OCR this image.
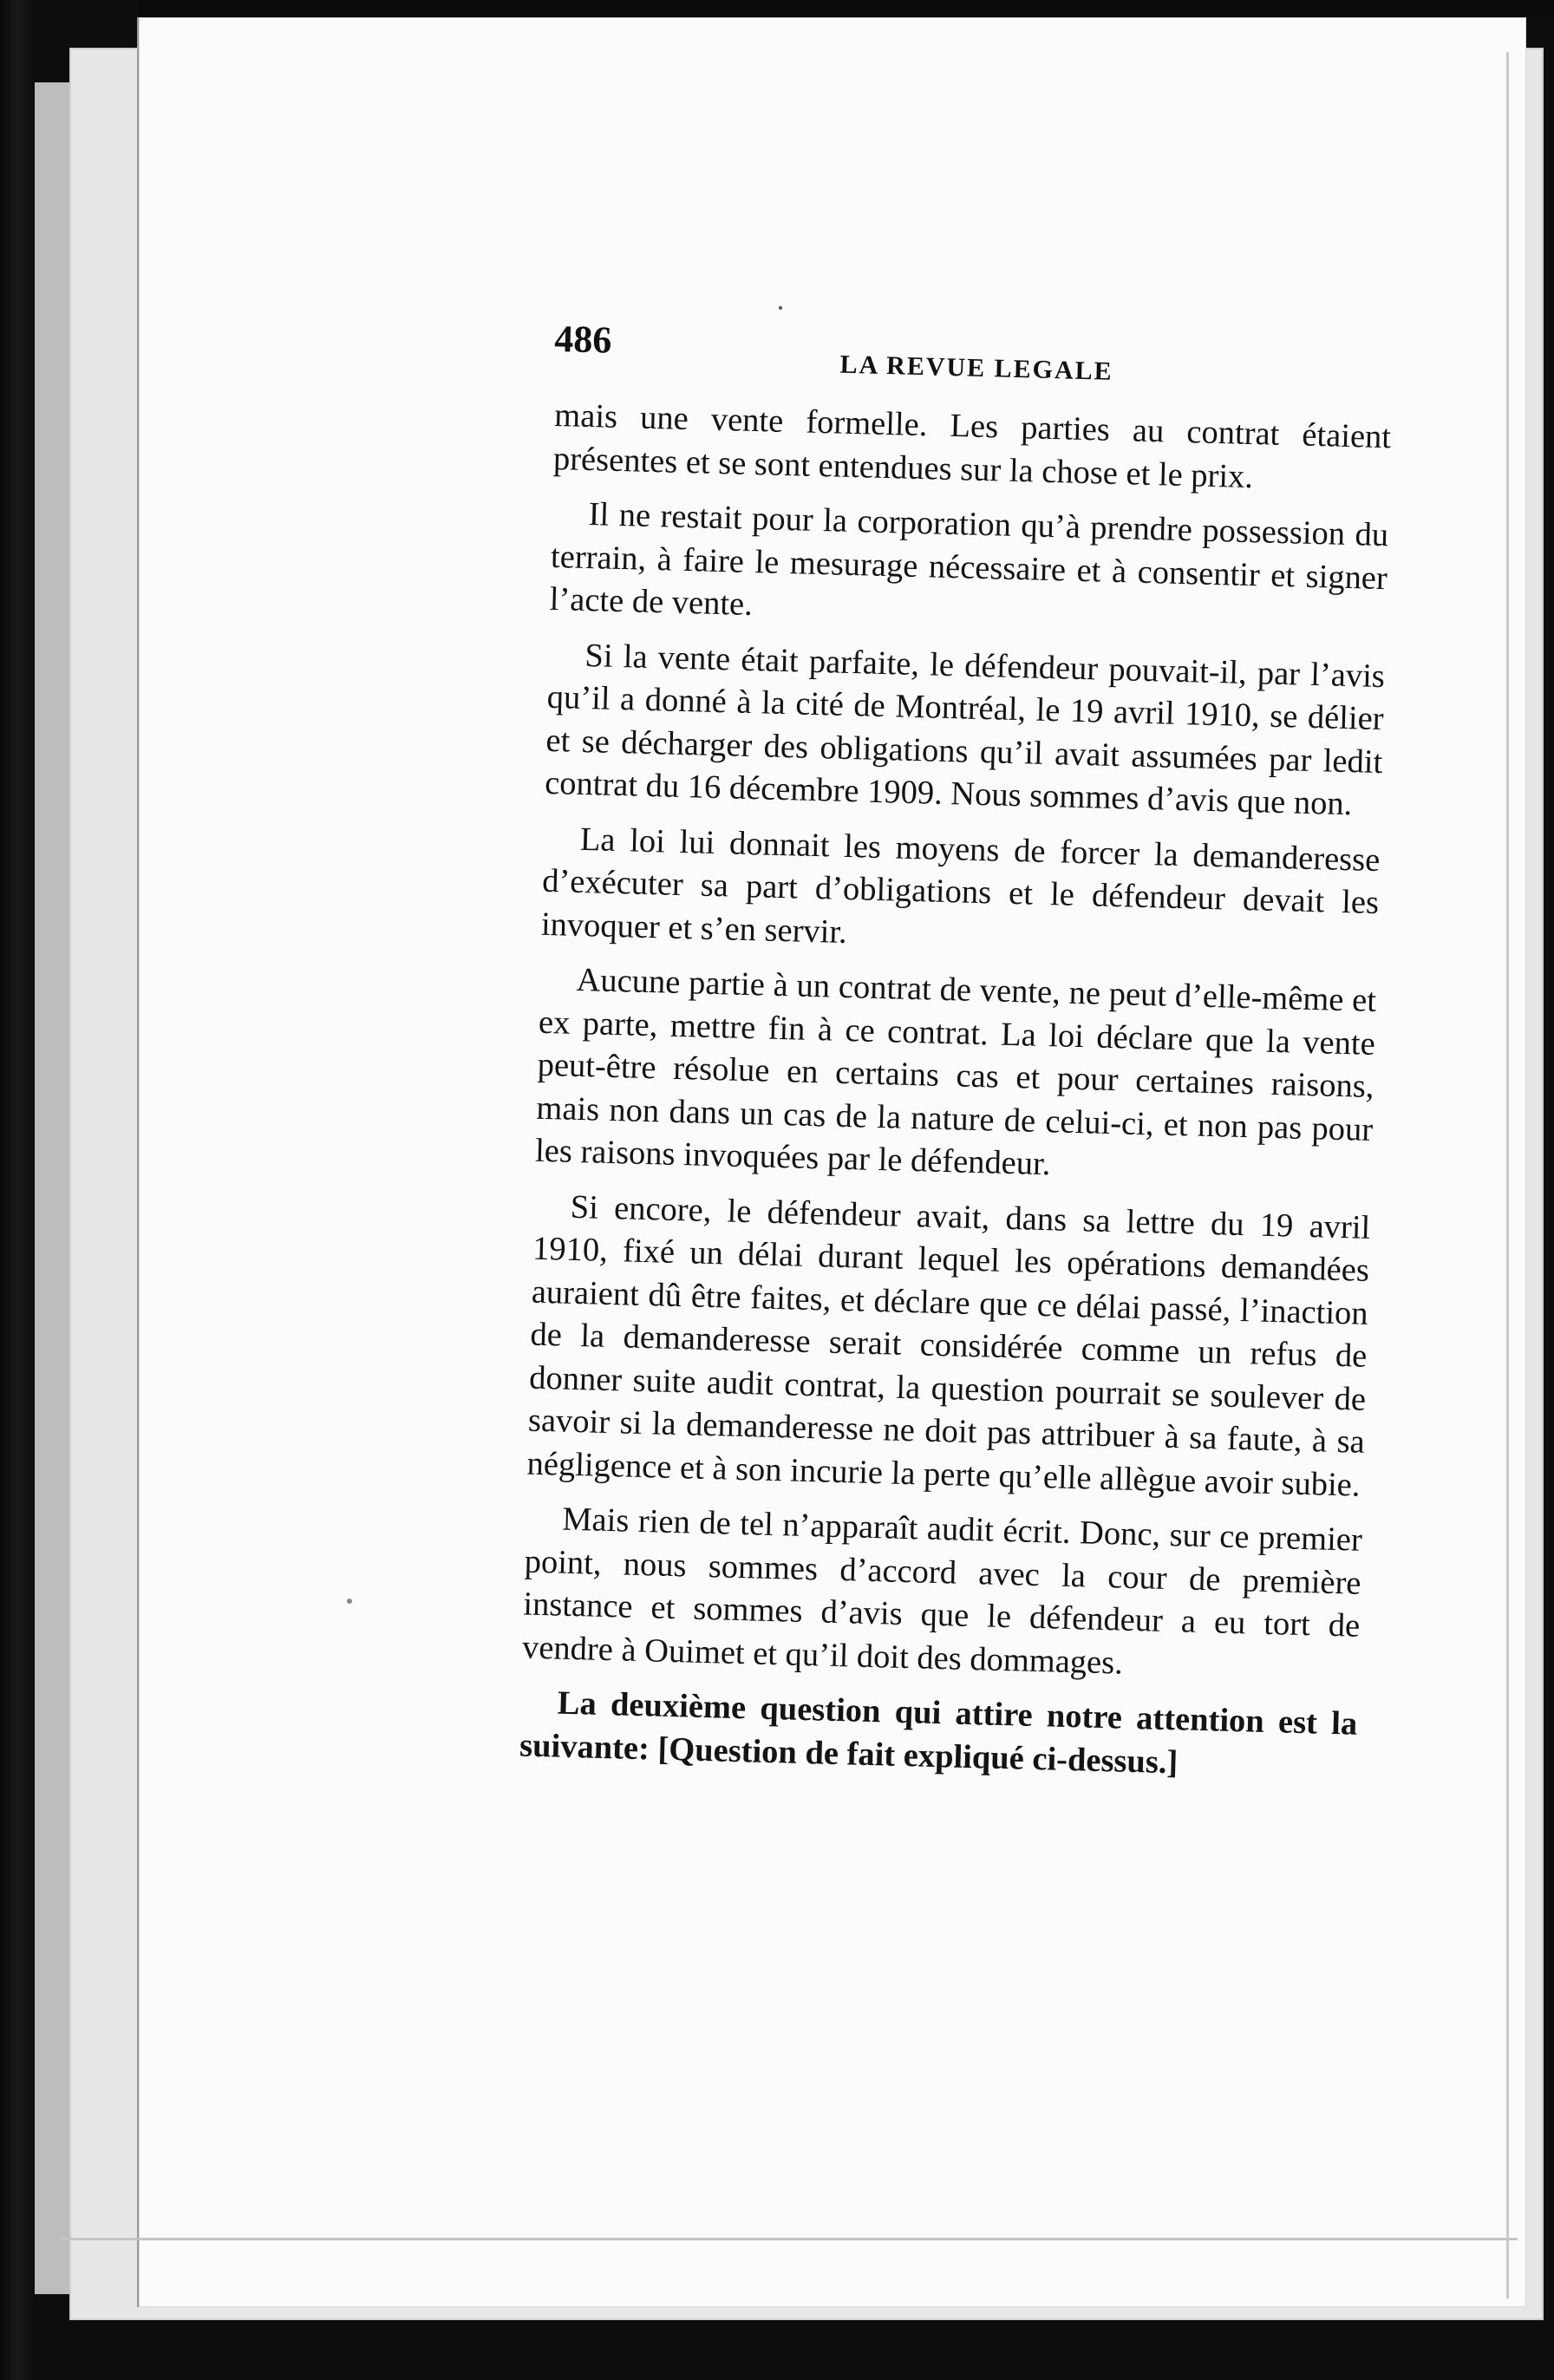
486
LA REVUE LEGALE

mais une vente formelle. Les parties au contrat étaient présentes et se sont entendues sur la chose et le prix.

Il ne restait pour la corporation qu’à prendre possession du terrain, à faire le mesurage nécessaire et à consentir et signer l’acte de vente.

Si la vente était parfaite, le défendeur pouvait-il, par l’avis qu’il a donné à la cité de Montréal, le 19 avril 1910, se délier et se décharger des obligations qu’il avait assumées par ledit contrat du 16 décembre 1909. Nous sommes d’avis que non.

La loi lui donnait les moyens de forcer la demanderesse d’exécuter sa part d’obligations et le défendeur devait les invoquer et s’en servir.

Aucune partie à un contrat de vente, ne peut d’elle-même et ex parte, mettre fin à ce contrat. La loi déclare que la vente peut-être résolue en certains cas et pour certaines raisons, mais non dans un cas de la nature de celui-ci, et non pas pour les raisons invoquées par le défendeur.

Si encore, le défendeur avait, dans sa lettre du 19 avril 1910, fixé un délai durant lequel les opérations demandées auraient dû être faites, et déclare que ce délai passé, l’inaction de la demanderesse serait considérée comme un refus de donner suite audit contrat, la question pourrait se soulever de savoir si la demanderesse ne doit pas attribuer à sa faute, à sa négligence et à son incurie la perte qu’elle allègue avoir subie.

Mais rien de tel n’apparaît audit écrit. Donc, sur ce premier point, nous sommes d’accord avec la cour de première instance et sommes d’avis que le défendeur a eu tort de vendre à Ouimet et qu’il doit des dommages.

La deuxième question qui attire notre attention est la suivante: [Question de fait expliqué ci-dessus.]
